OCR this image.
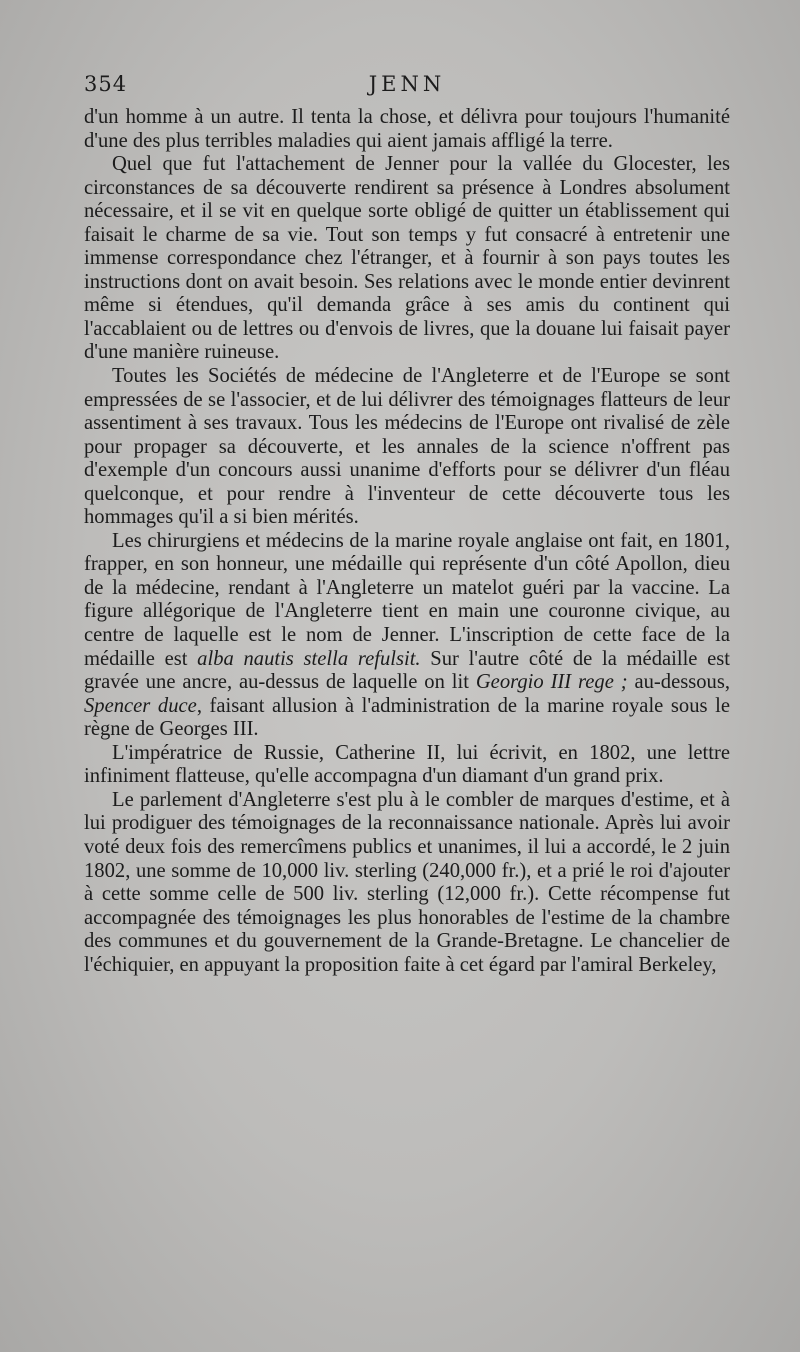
354	JENN

d'un homme à un autre. Il tenta la chose, et délivra pour toujours l'humanité d'une des plus terribles maladies qui aient jamais affligé la terre.

Quel que fut l'attachement de Jenner pour la vallée du Glocester, les circonstances de sa découverte rendirent sa présence à Londres absolument nécessaire, et il se vit en quelque sorte obligé de quitter un établissement qui faisait le charme de sa vie. Tout son temps y fut consacré à entretenir une immense correspondance chez l'étranger, et à fournir à son pays toutes les instructions dont on avait besoin. Ses relations avec le monde entier devinrent même si étendues, qu'il demanda grâce à ses amis du continent qui l'accablaient ou de lettres ou d'envois de livres, que la douane lui faisait payer d'une manière ruineuse.

Toutes les Sociétés de médecine de l'Angleterre et de l'Europe se sont empressées de se l'associer, et de lui délivrer des témoignages flatteurs de leur assentiment à ses travaux. Tous les médecins de l'Europe ont rivalisé de zèle pour propager sa découverte, et les annales de la science n'offrent pas d'exemple d'un concours aussi unanime d'efforts pour se délivrer d'un fléau quelconque, et pour rendre à l'inventeur de cette découverte tous les hommages qu'il a si bien mérités.

Les chirurgiens et médecins de la marine royale anglaise ont fait, en 1801, frapper, en son honneur, une médaille qui représente d'un côté Apollon, dieu de la médecine, rendant à l'Angleterre un matelot guéri par la vaccine. La figure allégorique de l'Angleterre tient en main une couronne civique, au centre de laquelle est le nom de Jenner. L'inscription de cette face de la médaille est alba nautis stella refulsit. Sur l'autre côté de la médaille est gravée une ancre, au-dessus de laquelle on lit Georgio III rege ; au-dessous, Spencer duce, faisant allusion à l'administration de la marine royale sous le règne de Georges III.

L'impératrice de Russie, Catherine II, lui écrivit, en 1802, une lettre infiniment flatteuse, qu'elle accompagna d'un diamant d'un grand prix.

Le parlement d'Angleterre s'est plu à le combler de marques d'estime, et à lui prodiguer des témoignages de la reconnaissance nationale. Après lui avoir voté deux fois des remercîmens publics et unanimes, il lui a accordé, le 2 juin 1802, une somme de 10,000 liv. sterling (240,000 fr.), et a prié le roi d'ajouter à cette somme celle de 500 liv. sterling (12,000 fr.). Cette récompense fut accompagnée des témoignages les plus honorables de l'estime de la chambre des communes et du gouvernement de la Grande-Bretagne. Le chancelier de l'échiquier, en appuyant la proposition faite à cet égard par l'amiral Berkeley,
